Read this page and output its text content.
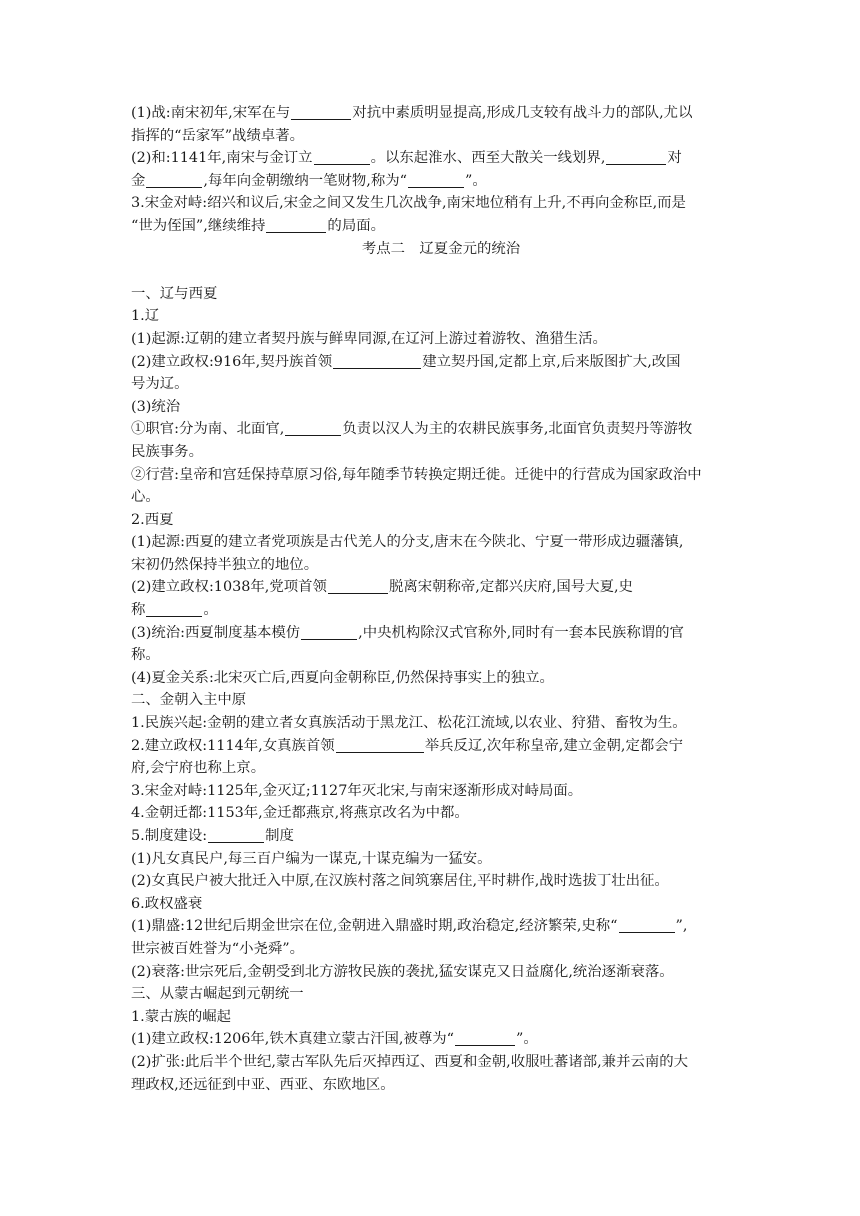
(1)战:南宋初年,宋军在与	对抗中素质明显提高,形成几支较有战斗力的部队,尤以
指挥的“岳家军”战绩卓著。
(2)和:1141年,南宋与金订立	。以东起淮水、西至大散关一线划界,	对
金	,每年向金朝缴纳一笔财物,称为“	”。
3.宋金对峙:绍兴和议后,宋金之间又发生几次战争,南宋地位稍有上升,不再向金称臣,而是
“世为侄国”,继续维持	的局面。
考点二　辽夏金元的统治
一、辽与西夏
1.辽
(1)起源:辽朝的建立者契丹族与鲜卑同源,在辽河上游过着游牧、渔猎生活。
(2)建立政权:916年,契丹族首领	建立契丹国,定都上京,后来版图扩大,改国
号为辽。
(3)统治
①职官:分为南、北面官,	负责以汉人为主的农耕民族事务,北面官负责契丹等游牧
民族事务。
②行营:皇帝和宫廷保持草原习俗,每年随季节转换定期迁徙。迁徙中的行营成为国家政治中
心。
2.西夏
(1)起源:西夏的建立者党项族是古代羌人的分支,唐末在今陕北、宁夏一带形成边疆藩镇,
宋初仍然保持半独立的地位。
(2)建立政权:1038年,党项首领	脱离宋朝称帝,定都兴庆府,国号大夏,史
称	。
(3)统治:西夏制度基本模仿	,中央机构除汉式官称外,同时有一套本民族称谓的官
称。
(4)夏金关系:北宋灭亡后,西夏向金朝称臣,仍然保持事实上的独立。
二、金朝入主中原
1.民族兴起:金朝的建立者女真族活动于黑龙江、松花江流域,以农业、狩猎、畜牧为生。
2.建立政权:1114年,女真族首领	举兵反辽,次年称皇帝,建立金朝,定都会宁
府,会宁府也称上京。
3.宋金对峙:1125年,金灭辽;1127年灭北宋,与南宋逐渐形成对峙局面。
4.金朝迁都:1153年,金迁都燕京,将燕京改名为中都。
5.制度建设:	制度
(1)凡女真民户,每三百户编为一谋克,十谋克编为一猛安。
(2)女真民户被大批迁入中原,在汉族村落之间筑寨居住,平时耕作,战时选拔丁壮出征。
6.政权盛衰
(1)鼎盛:12世纪后期金世宗在位,金朝进入鼎盛时期,政治稳定,经济繁荣,史称“	”,
世宗被百姓誉为“小尧舜”。
(2)衰落:世宗死后,金朝受到北方游牧民族的袭扰,猛安谋克又日益腐化,统治逐渐衰落。
三、从蒙古崛起到元朝统一
1.蒙古族的崛起
(1)建立政权:1206年,铁木真建立蒙古汗国,被尊为“	”。
(2)扩张:此后半个世纪,蒙古军队先后灭掉西辽、西夏和金朝,收服吐蕃诸部,兼并云南的大
理政权,还远征到中亚、西亚、东欧地区。
